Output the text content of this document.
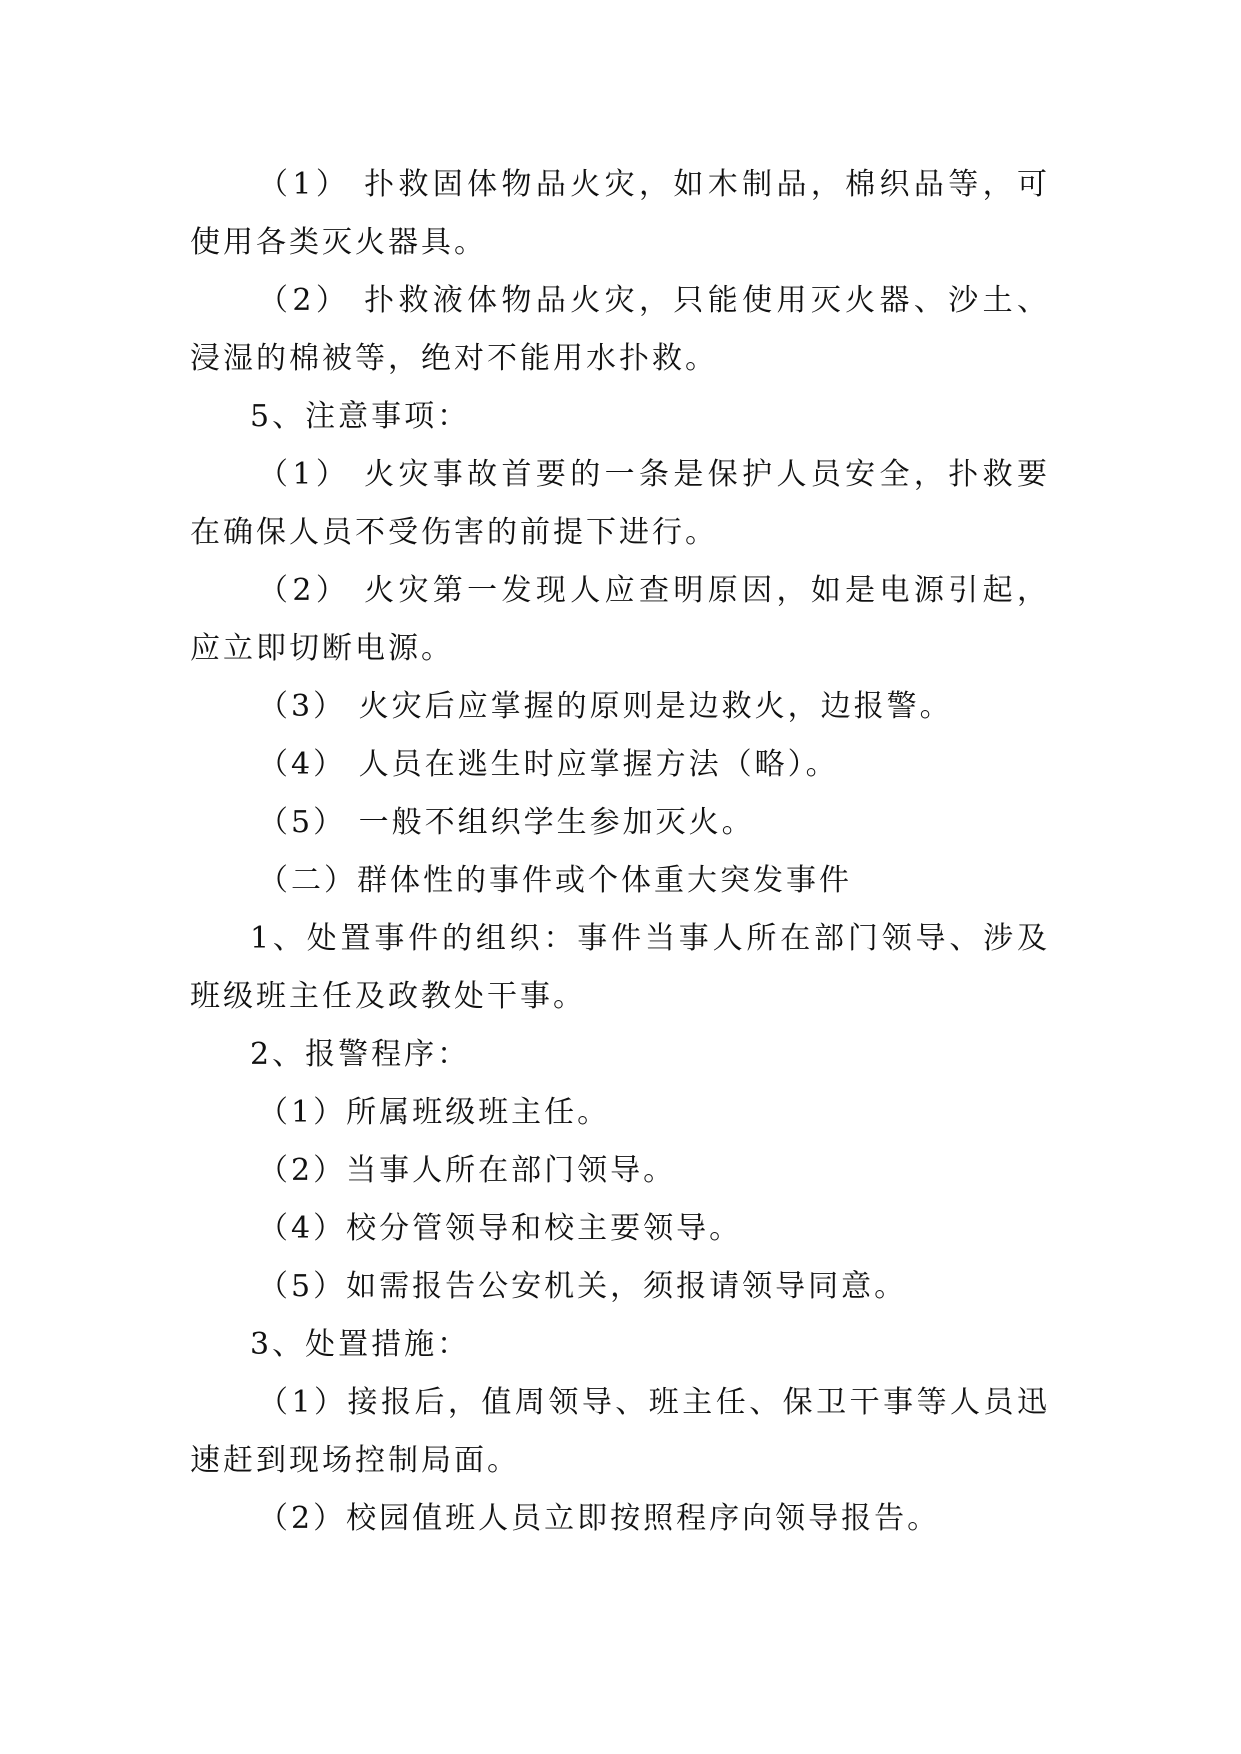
（1） 扑救固体物品火灾，如木制品，棉织品等，可使用各类灭火器具。

（2） 扑救液体物品火灾，只能使用灭火器、沙土、浸湿的棉被等，绝对不能用水扑救。

5、注意事项：

（1） 火灾事故首要的一条是保护人员安全，扑救要在确保人员不受伤害的前提下进行。

（2） 火灾第一发现人应查明原因，如是电源引起，应立即切断电源。

（3） 火灾后应掌握的原则是边救火，边报警。

（4） 人员在逃生时应掌握方法（略）。

（5） 一般不组织学生参加灭火。

（二）群体性的事件或个体重大突发事件

1、处置事件的组织：事件当事人所在部门领导、涉及班级班主任及政教处干事。

2、报警程序：

（1）所属班级班主任。

（2）当事人所在部门领导。

（4）校分管领导和校主要领导。

（5）如需报告公安机关，须报请领导同意。

3、处置措施：

（1）接报后，值周领导、班主任、保卫干事等人员迅速赶到现场控制局面。

（2）校园值班人员立即按照程序向领导报告。
